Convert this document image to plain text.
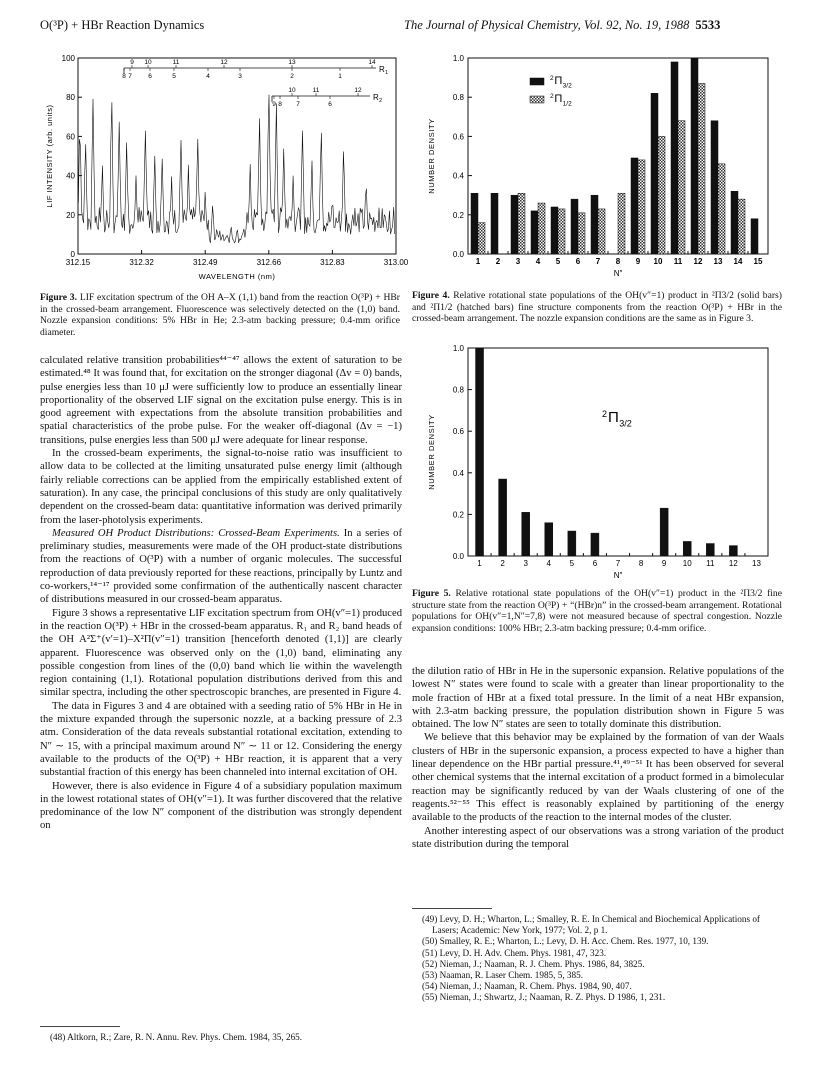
O(³P) + HBr Reaction Dynamics	The Journal of Physical Chemistry, Vol. 92, No. 19, 1988 5533
0
20
40
60
80
100
312.15	312.32	312.49	312.66	312.83	313.00
WAVELENGTH (nm)
LIF INTENSITY (arb. units)
9 10	11	12	13	14
8 7	6	5	4	3	2	1
R 1
10	11	12
9 8 7	6
R 2
Figure 3. LIF excitation spectrum of the OH A–X (1,1) band from the reaction O(³P) + HBr in the crossed-beam arrangement. Fluorescence was selectively detected on the (1,0) band. Nozzle expansion conditions: 5% HBr in He; 2.3-atm backing pressure; 0.4-mm orifice diameter.
0.0
0.2
0.4
0.6
0.8
1.0
1 2 3 4 5 6 7 8 9 10 11 12 13 14 15
N″
NUMBER DENSITY
2 Π 3/2
2 Π 1/2
Figure 4. Relative rotational state populations of the OH(v″=1) product in ²Π3/2 (solid bars) and ²Π1/2 (hatched bars) fine structure components from the reaction O(³P) + HBr in the crossed-beam arrangement. The nozzle expansion conditions are the same as in Figure 3.
0.0
0.2
0.4
0.6
0.8
1.0
1 2 3 4 5 6 7 8 9 10 11 12 13
N″
NUMBER DENSITY
2 Π 3/2
Figure 5. Relative rotational state populations of the OH(v″=1) product in the ²Π3/2 fine structure state from the reaction O(³P) + “(HBr)n” in the crossed-beam arrangement. Rotational populations for OH(v″=1,N″=7,8) were not measured because of spectral congestion. Nozzle expansion conditions: 100% HBr; 2.3-atm backing pressure; 0.4-mm orifice.

calculated relative transition probabilities⁴⁴⁻⁴⁷ allows the extent of saturation to be estimated.⁴⁸ It was found that, for excitation on the stronger diagonal (Δv = 0) bands, pulse energies less than 10 μJ were sufficiently low to produce an essentially linear proportionality of the observed LIF signal on the excitation pulse energy. This is in good agreement with expectations from the absolute transition probabilities and spatial characteristics of the probe pulse. For the weaker off-diagonal (Δv = −1) transitions, pulse energies less than 500 μJ were adequate for linear response.

In the crossed-beam experiments, the signal-to-noise ratio was insufficient to allow data to be collected at the limiting unsaturated pulse energy limit (although fairly reliable corrections can be applied from the empirically established extent of saturation). In any case, the principal conclusions of this study are only qualitatively dependent on the crossed-beam data: quantitative information was derived primarily from the laser-photolysis experiments.

Measured OH Product Distributions: Crossed-Beam Experiments. In a series of preliminary studies, measurements were made of the OH product-state distributions from the reactions of O(³P) with a number of organic molecules. The successful reproduction of data previously reported for these reactions, principally by Luntz and co-workers,¹⁴⁻¹⁷ provided some confirmation of the authentically nascent character of distributions measured in our crossed-beam apparatus.

Figure 3 shows a representative LIF excitation spectrum from OH(v″=1) produced in the reaction O(³P) + HBr in the crossed-beam apparatus. R₁ and R₂ band heads of the OH A²Σ⁺(v′=1)–X²Π(v″=1) transition [henceforth denoted (1,1)] are clearly apparent. Fluorescence was observed only on the (1,0) band, eliminating any possible congestion from lines of the (0,0) band which lie within the wavelength region containing (1,1). Rotational population distributions derived from this and similar spectra, including the other spectroscopic branches, are presented in Figure 4.

The data in Figures 3 and 4 are obtained with a seeding ratio of 5% HBr in He in the mixture expanded through the supersonic nozzle, at a backing pressure of 2.3 atm. Consideration of the data reveals substantial rotational excitation, extending to N″ ∼ 15, with a principal maximum around N″ ∼ 11 or 12. Considering the energy available to the products of the O(³P) + HBr reaction, it is apparent that a very substantial fraction of this energy has been channeled into internal excitation of OH.

However, there is also evidence in Figure 4 of a subsidiary population maximum in the lowest rotational states of OH(v″=1). It was further discovered that the relative predominance of the low N″ component of the distribution was strongly dependent on

(48) Altkorn, R.; Zare, R. N. Annu. Rev. Phys. Chem. 1984, 35, 265.

the dilution ratio of HBr in He in the supersonic expansion. Relative populations of the lowest N″ states were found to scale with a greater than linear proportionality to the mole fraction of HBr at a fixed total pressure. In the limit of a neat HBr expansion, with 2.3-atm backing pressure, the population distribution shown in Figure 5 was obtained. The low N″ states are seen to totally dominate this distribution.

We believe that this behavior may be explained by the formation of van der Waals clusters of HBr in the supersonic expansion, a process expected to have a higher than linear dependence on the HBr partial pressure.⁴¹,⁴⁹⁻⁵¹ It has been observed for several other chemical systems that the internal excitation of a product formed in a bimolecular reaction may be significantly reduced by van der Waals clustering of one of the reagents.⁵²⁻⁵⁵ This effect is reasonably explained by partitioning of the energy available to the products of the reaction to the internal modes of the cluster.

Another interesting aspect of our observations was a strong variation of the product state distribution during the temporal

(49) Levy, D. H.; Wharton, L.; Smalley, R. E. In Chemical and Biochemical Applications of Lasers; Academic: New York, 1977; Vol. 2, p 1.
(50) Smalley, R. E.; Wharton, L.; Levy, D. H. Acc. Chem. Res. 1977, 10, 139.
(51) Levy, D. H. Adv. Chem. Phys. 1981, 47, 323.
(52) Nieman, J.; Naaman, R. J. Chem. Phys. 1986, 84, 3825.
(53) Naaman, R. Laser Chem. 1985, 5, 385.
(54) Nieman, J.; Naaman, R. Chem. Phys. 1984, 90, 407.
(55) Nieman, J.; Shwartz, J.; Naaman, R. Z. Phys. D 1986, 1, 231.
